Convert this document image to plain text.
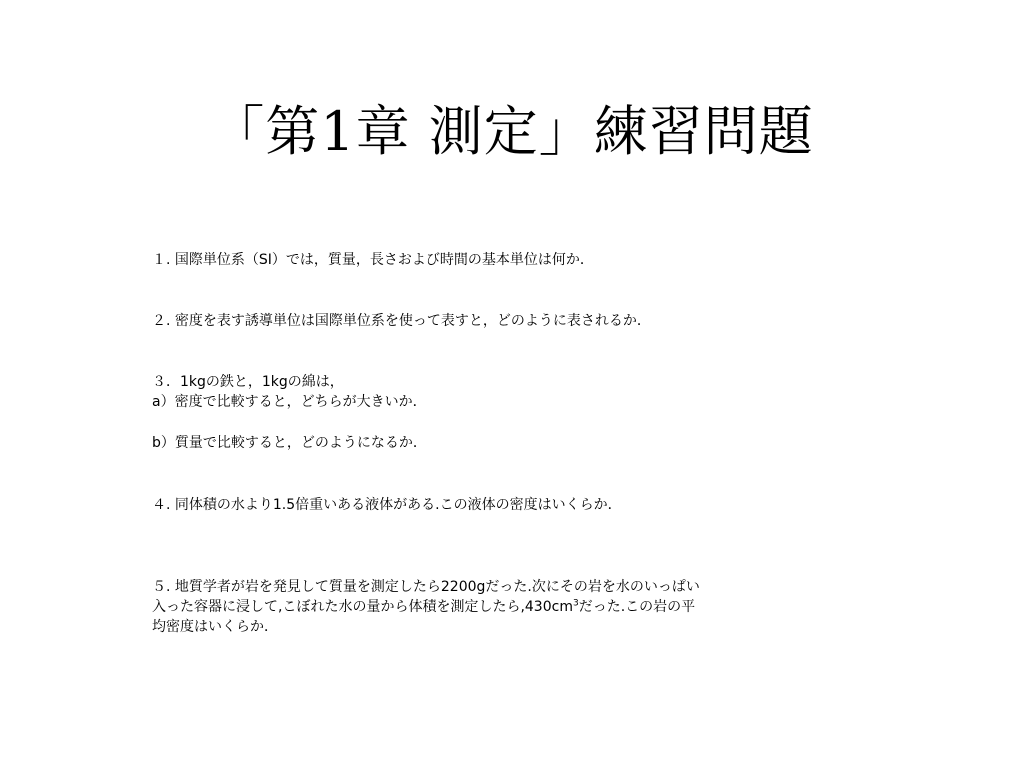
「第1章 測定」練習問題

１. 国際単位系（SI）では，質量，長さおよび時間の基本単位は何か．

２. 密度を表す誘導単位は国際単位系を使って表すと，どのように表されるか．

３．1kgの鉄と，1kgの綿は，

a）密度で比較すると，どちらが大きいか．

b）質量で比較すると，どのようになるか．

４. 同体積の水より1.5倍重いある液体がある.この液体の密度はいくらか．

５. 地質学者が岩を発見して質量を測定したら2200gだった.次にその岩を水のいっぱい

入った容器に浸して,こぼれた水の量から体積を測定したら$,430cm^3$だった.この岩の平

均密度はいくらか．
